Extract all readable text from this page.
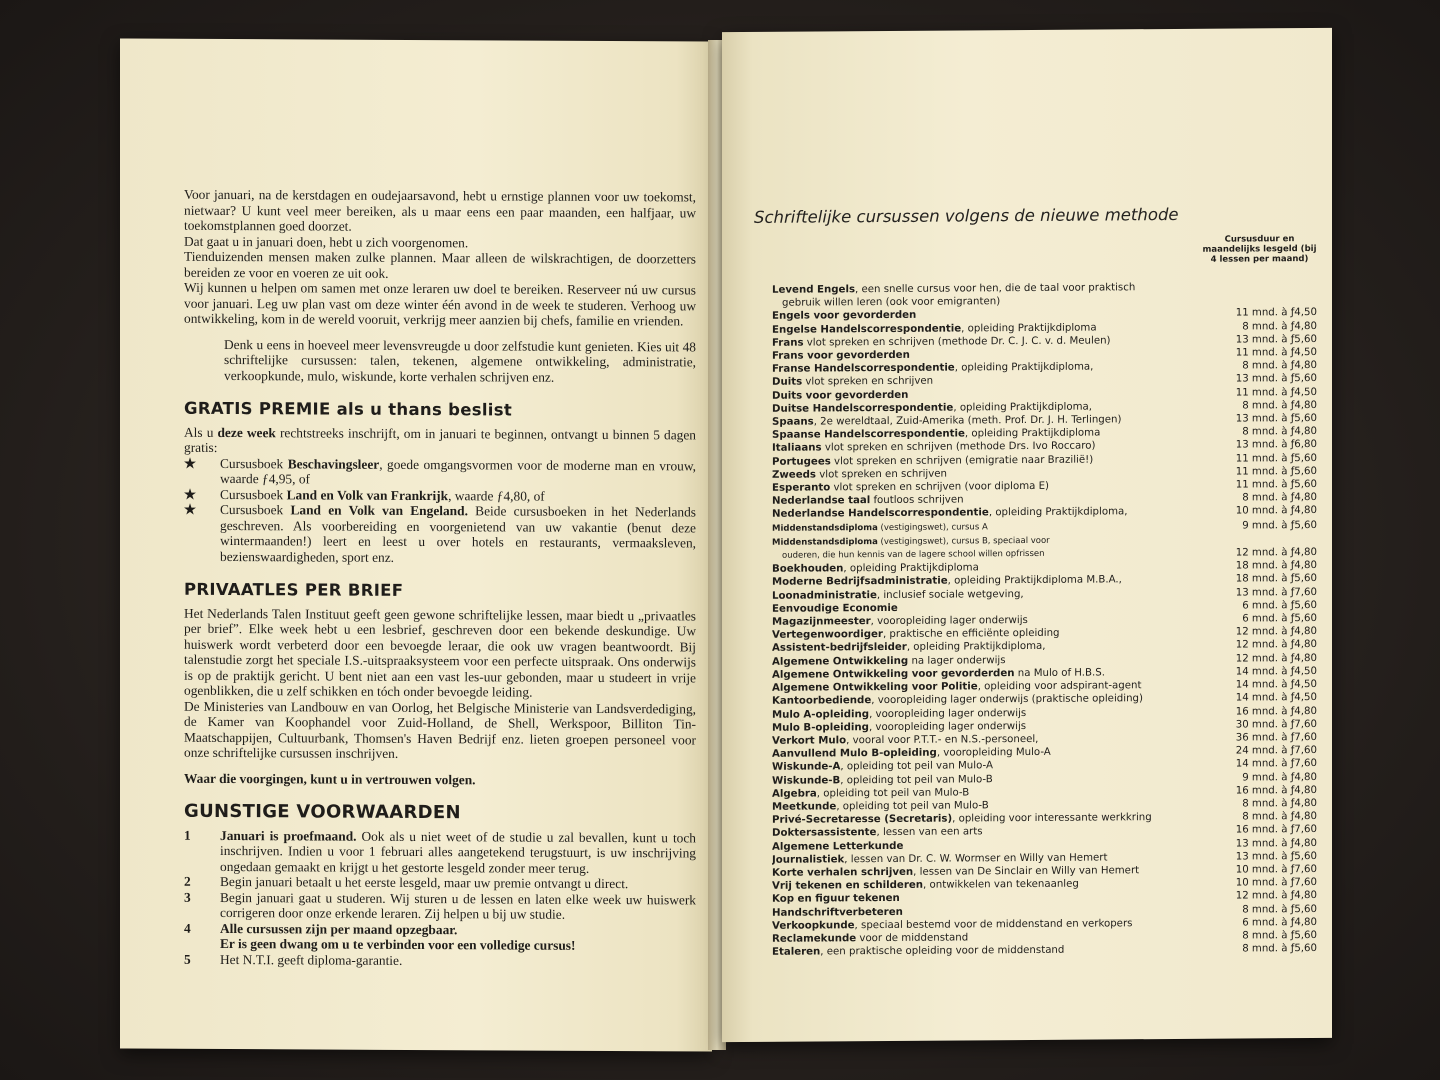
Voor januari, na de kerstdagen en oudejaarsavond, hebt u ernstige plannen voor uw toekomst, nietwaar? U kunt veel meer bereiken, als u maar eens een paar maanden, een halfjaar, uw toekomstplannen goed doorzet.

Dat gaat u in januari doen, hebt u zich voorgenomen.

Tienduizenden mensen maken zulke plannen. Maar alleen de wilskrachtigen, de doorzetters bereiden ze voor en voeren ze uit ook.

Wij kunnen u helpen om samen met onze leraren uw doel te bereiken. Reserveer nú uw cursus voor januari. Leg uw plan vast om deze winter één avond in de week te studeren. Verhoog uw ontwikkeling, kom in de wereld vooruit, verkrijg meer aanzien bij chefs, familie en vrienden.

Denk u eens in hoeveel meer levensvreugde u door zelfstudie kunt genieten. Kies uit 48 schriftelijke cursussen: talen, tekenen, algemene ontwikkeling, administratie, verkoopkunde, mulo, wiskunde, korte verhalen schrijven enz.

GRATIS PREMIE als u thans beslist

Als u deze week rechtstreeks inschrijft, om in januari te beginnen, ontvangt u binnen 5 dagen gratis:

★	Cursusboek Beschavingsleer, goede omgangsvormen voor de moderne man en vrouw, waarde ƒ4,95, of
★	Cursusboek Land en Volk van Frankrijk, waarde ƒ4,80, of
★	Cursusboek Land en Volk van Engeland. Beide cursusboeken in het Nederlands geschreven. Als voorbereiding en voorgenietend van uw vakantie (benut deze wintermaanden!) leert en leest u over hotels en restaurants, vermaaksleven, bezienswaardigheden, sport enz.
PRIVAATLES PER BRIEF

Het Nederlands Talen Instituut geeft geen gewone schriftelijke lessen, maar biedt u „privaatles per brief”. Elke week hebt u een lesbrief, geschreven door een bekende deskundige. Uw huiswerk wordt verbeterd door een bevoegde leraar, die ook uw vragen beantwoordt. Bij talenstudie zorgt het speciale I.S.-uitspraaksysteem voor een perfecte uitspraak. Ons onderwijs is op de praktijk gericht. U bent niet aan een vast les-uur gebonden, maar u studeert in vrije ogenblikken, die u zelf schikken en tóch onder bevoegde leiding.

De Ministeries van Landbouw en van Oorlog, het Belgische Ministerie van Landsverdediging, de Kamer van Koophandel voor Zuid-Holland, de Shell, Werkspoor, Billiton Tin-Maatschappijen, Cultuurbank, Thomsen's Haven Bedrijf enz. lieten groepen personeel voor onze schriftelijke cursussen inschrijven.

Waar die voorgingen, kunt u in vertrouwen volgen.

GUNSTIGE VOORWAARDEN
1	Januari is proefmaand. Ook als u niet weet of de studie u zal bevallen, kunt u toch inschrijven. Indien u voor 1 februari alles aangetekend terugstuurt, is uw inschrijving ongedaan gemaakt en krijgt u het gestorte lesgeld zonder meer terug.
2	Begin januari betaalt u het eerste lesgeld, maar uw premie ontvangt u direct.
3	Begin januari gaat u studeren. Wij sturen u de lessen en laten elke week uw huiswerk corrigeren door onze erkende leraren. Zij helpen u bij uw studie.
4	Alle cursussen zijn per maand opzegbaar.
Er is geen dwang om u te verbinden voor een volledige cursus!
5	Het N.T.I. geeft diploma-garantie.
Schriftelijke cursussen volgens de nieuwe methode
Cursusduur en maandelijks lesgeld (bij 4 lessen per maand)
Levend Engels, een snelle cursus voor hen, die de taal voor praktisch
gebruik willen leren (ook voor emigranten)
Engels voor gevorderden	11 mnd. à ƒ4,50
Engelse Handelscorrespondentie, opleiding Praktijkdiploma	8 mnd. à ƒ4,80
Frans vlot spreken en schrijven (methode Dr. C. J. C. v. d. Meulen)	13 mnd. à ƒ5,60
Frans voor gevorderden	11 mnd. à ƒ4,50
Franse Handelscorrespondentie, opleiding Praktijkdiploma,	8 mnd. à ƒ4,80
Duits vlot spreken en schrijven	13 mnd. à ƒ5,60
Duits voor gevorderden	11 mnd. à ƒ4,50
Duitse Handelscorrespondentie, opleiding Praktijkdiploma,	8 mnd. à ƒ4,80
Spaans, 2e wereldtaal, Zuid-Amerika (meth. Prof. Dr. J. H. Terlingen)	13 mnd. à ƒ5,60
Spaanse Handelscorrespondentie, opleiding Praktijkdiploma	8 mnd. à ƒ4,80
Italiaans vlot spreken en schrijven (methode Drs. Ivo Roccaro)	13 mnd. à ƒ6,80
Portugees vlot spreken en schrijven (emigratie naar Brazilië!)	11 mnd. à ƒ5,60
Zweeds vlot spreken en schrijven	11 mnd. à ƒ5,60
Esperanto vlot spreken en schrijven (voor diploma E)	11 mnd. à ƒ5,60
Nederlandse taal foutloos schrijven	8 mnd. à ƒ4,80
Nederlandse Handelscorrespondentie, opleiding Praktijkdiploma,	10 mnd. à ƒ4,80
Middenstandsdiploma (vestigingswet), cursus A	9 mnd. à ƒ5,60
Middenstandsdiploma (vestigingswet), cursus B, speciaal voor
ouderen, die hun kennis van de lagere school willen opfrissen	12 mnd. à ƒ4,80
Boekhouden, opleiding Praktijkdiploma	18 mnd. à ƒ4,80
Moderne Bedrijfsadministratie, opleiding Praktijkdiploma M.B.A.,	18 mnd. à ƒ5,60
Loonadministratie, inclusief sociale wetgeving,	13 mnd. à ƒ7,60
Eenvoudige Economie	6 mnd. à ƒ5,60
Magazijnmeester, vooropleiding lager onderwijs	6 mnd. à ƒ5,60
Vertegenwoordiger, praktische en efficiënte opleiding	12 mnd. à ƒ4,80
Assistent-bedrijfsleider, opleiding Praktijkdiploma,	12 mnd. à ƒ4,80
Algemene Ontwikkeling na lager onderwijs	12 mnd. à ƒ4,80
Algemene Ontwikkeling voor gevorderden na Mulo of H.B.S.	14 mnd. à ƒ4,50
Algemene Ontwikkeling voor Politie, opleiding voor adspirant-agent	14 mnd. à ƒ4,50
Kantoorbediende, vooropleiding lager onderwijs (praktische opleiding)	14 mnd. à ƒ4,50
Mulo A-opleiding, vooropleiding lager onderwijs	16 mnd. à ƒ4,80
Mulo B-opleiding, vooropleiding lager onderwijs	30 mnd. à ƒ7,60
Verkort Mulo, vooral voor P.T.T.- en N.S.-personeel,	36 mnd. à ƒ7,60
Aanvullend Mulo B-opleiding, vooropleiding Mulo-A	24 mnd. à ƒ7,60
Wiskunde-A, opleiding tot peil van Mulo-A	14 mnd. à ƒ7,60
Wiskunde-B, opleiding tot peil van Mulo-B	9 mnd. à ƒ4,80
Algebra, opleiding tot peil van Mulo-B	16 mnd. à ƒ4,80
Meetkunde, opleiding tot peil van Mulo-B	8 mnd. à ƒ4,80
Privé-Secretaresse (Secretaris), opleiding voor interessante werkkring	8 mnd. à ƒ4,80
Doktersassistente, lessen van een arts	16 mnd. à ƒ7,60
Algemene Letterkunde	13 mnd. à ƒ4,80
Journalistiek, lessen van Dr. C. W. Wormser en Willy van Hemert	13 mnd. à ƒ5,60
Korte verhalen schrijven, lessen van De Sinclair en Willy van Hemert	10 mnd. à ƒ7,60
Vrij tekenen en schilderen, ontwikkelen van tekenaanleg	10 mnd. à ƒ7,60
Kop en figuur tekenen	12 mnd. à ƒ4,80
Handschriftverbeteren	8 mnd. à ƒ5,60
Verkoopkunde, speciaal bestemd voor de middenstand en verkopers	6 mnd. à ƒ4,80
Reclamekunde voor de middenstand	8 mnd. à ƒ5,60
Etaleren, een praktische opleiding voor de middenstand	8 mnd. à ƒ5,60
